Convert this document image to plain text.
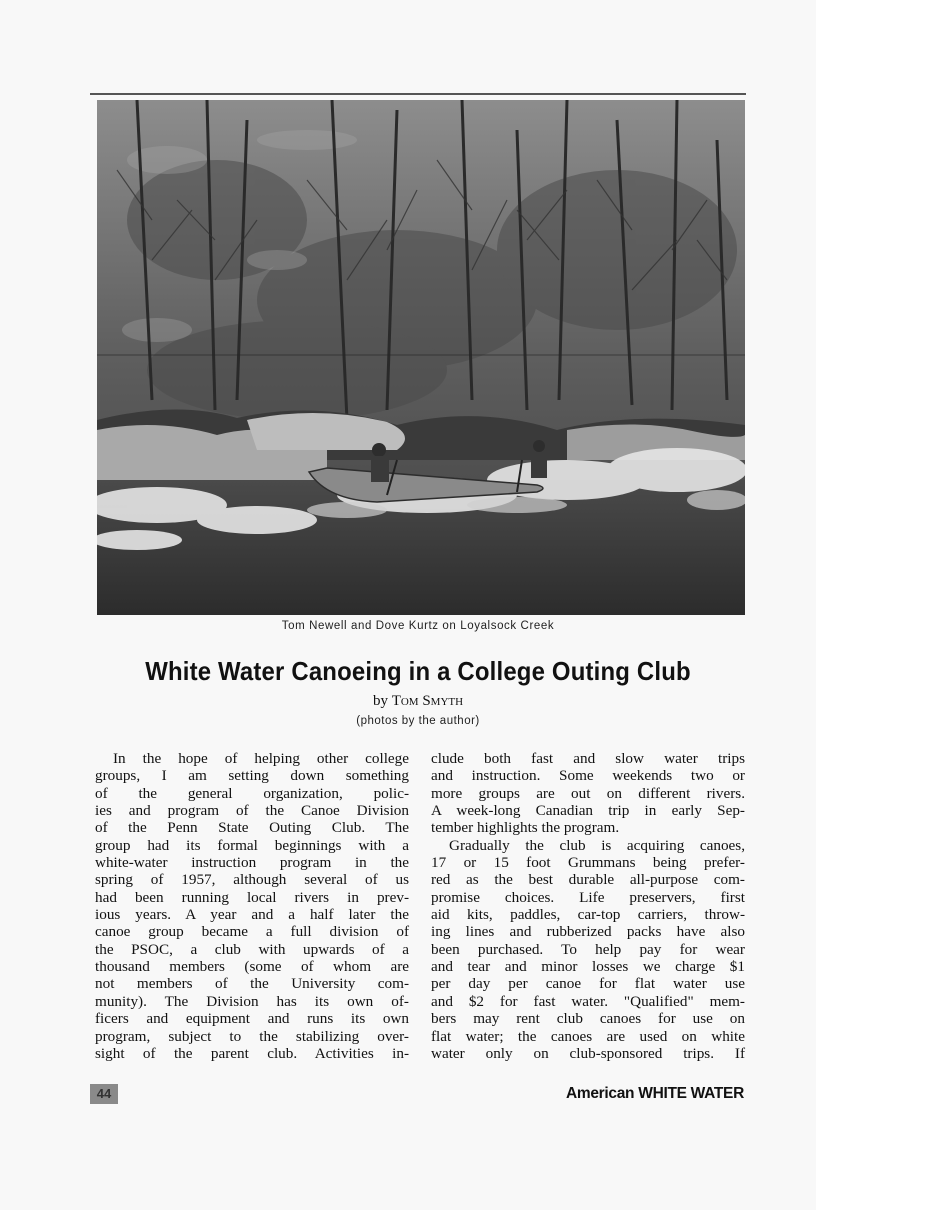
Tom Newell and Dove Kurtz on Loyalsock Creek
White Water Canoeing in a College Outing Club
by Tom Smyth
(photos by the author)
In the hope of helping other college
groups, I am setting down something
of the general organization, polic-
ies and program of the Canoe Division
of the Penn State Outing Club. The
group had its formal beginnings with a
white-water instruction program in the
spring of 1957, although several of us
had been running local rivers in prev-
ious years. A year and a half later the
canoe group became a full division of
the PSOC, a club with upwards of a
thousand members (some of whom are
not members of the University com-
munity). The Division has its own of-
ficers and equipment and runs its own
program, subject to the stabilizing over-
sight of the parent club. Activities in-
clude both fast and slow water trips
and instruction. Some weekends two or
more groups are out on different rivers.
A week-long Canadian trip in early Sep-
tember highlights the program.
Gradually the club is acquiring canoes,
17 or 15 foot Grummans being prefer-
red as the best durable all-purpose com-
promise choices. Life preservers, first
aid kits, paddles, car-top carriers, throw-
ing lines and rubberized packs have also
been purchased. To help pay for wear
and tear and minor losses we charge $1
per day per canoe for flat water use
and $2 for fast water. "Qualified" mem-
bers may rent club canoes for use on
flat water; the canoes are used on white
water only on club-sponsored trips. If
44	American WHITE WATER
